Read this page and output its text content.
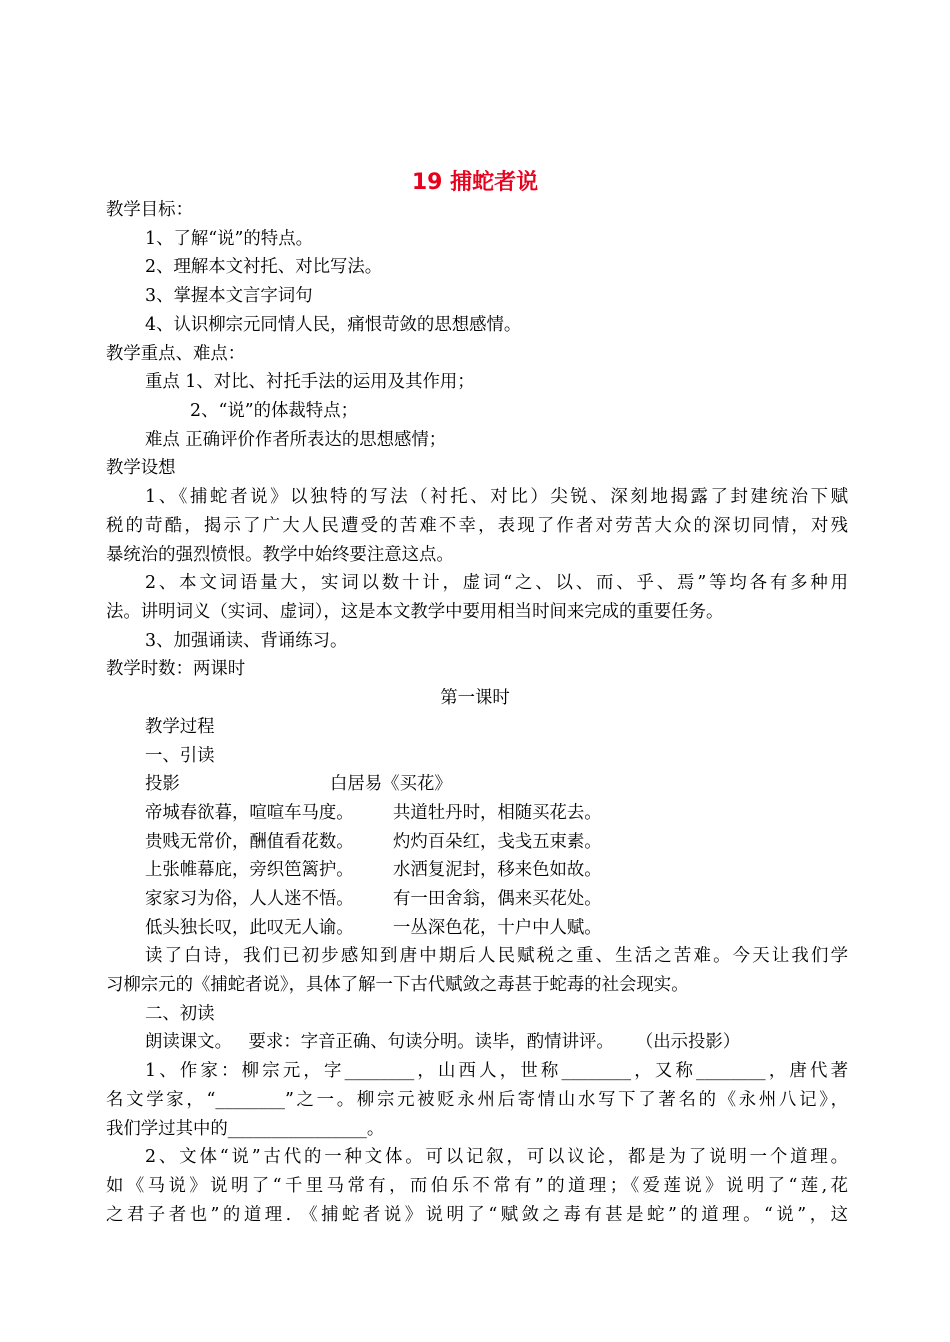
19 捕蛇者说
教学目标：
1、了解“说”的特点。
2、理解本文衬托、对比写法。
3、掌握本文言字词句
4、认识柳宗元同情人民，痛恨苛敛的思想感情。
教学重点、难点：
重点 1、对比、衬托手法的运用及其作用；
2、“说”的体裁特点；
难点 正确评价作者所表达的思想感情；
教学设想
1、《捕蛇者说》以独特的写法（衬托、对比）尖锐、深刻地揭露了封建统治下赋
税的苛酷，揭示了广大人民遭受的苦难不幸，表现了作者对劳苦大众的深切同情，对残
暴统治的强烈愤恨。教学中始终要注意这点。
2、本文词语量大，实词以数十计，虚词“之、以、而、乎、焉”等均各有多种用
法。讲明词义（实词、虚词），这是本文教学中要用相当时间来完成的重要任务。
3、加强诵读、背诵练习。
教学时数：两课时
第一课时
教学过程
一、引读
投影	白居易《买花》
帝城春欲暮，喧喧车马度。 共道牡丹时，相随买花去。
贵贱无常价，酬值看花数。 灼灼百朵红，戋戋五束素。
上张帷幕庇，旁织笆篱护。 水洒复泥封，移来色如故。
家家习为俗，人人迷不悟。 有一田舍翁，偶来买花处。
低头独长叹，此叹无人谕。 一丛深色花，十户中人赋。
读了白诗，我们已初步感知到唐中期后人民赋税之重、生活之苦难。今天让我们学
习柳宗元的《捕蛇者说》，具体了解一下古代赋敛之毒甚于蛇毒的社会现实。
二、初读
朗读课文。   要求：字音正确、句读分明。读毕，酌情讲评。    （出示投影）
1、作家：柳宗元，字________，山西人，世称________，又称________，唐代著
名文学家，“________”之一。柳宗元被贬永州后寄情山水写下了著名的《永州八记》，
我们学过其中的________________。
2、文体“说”古代的一种文体。可以记叙，可以议论，都是为了说明一个道理。
如《马说》说明了“千里马常有，而伯乐不常有”的道理；《爱莲说》说明了“莲,花
之君子者也”的道理. 《捕蛇者说》说明了“赋敛之毒有甚是蛇”的道理。“说”，这
